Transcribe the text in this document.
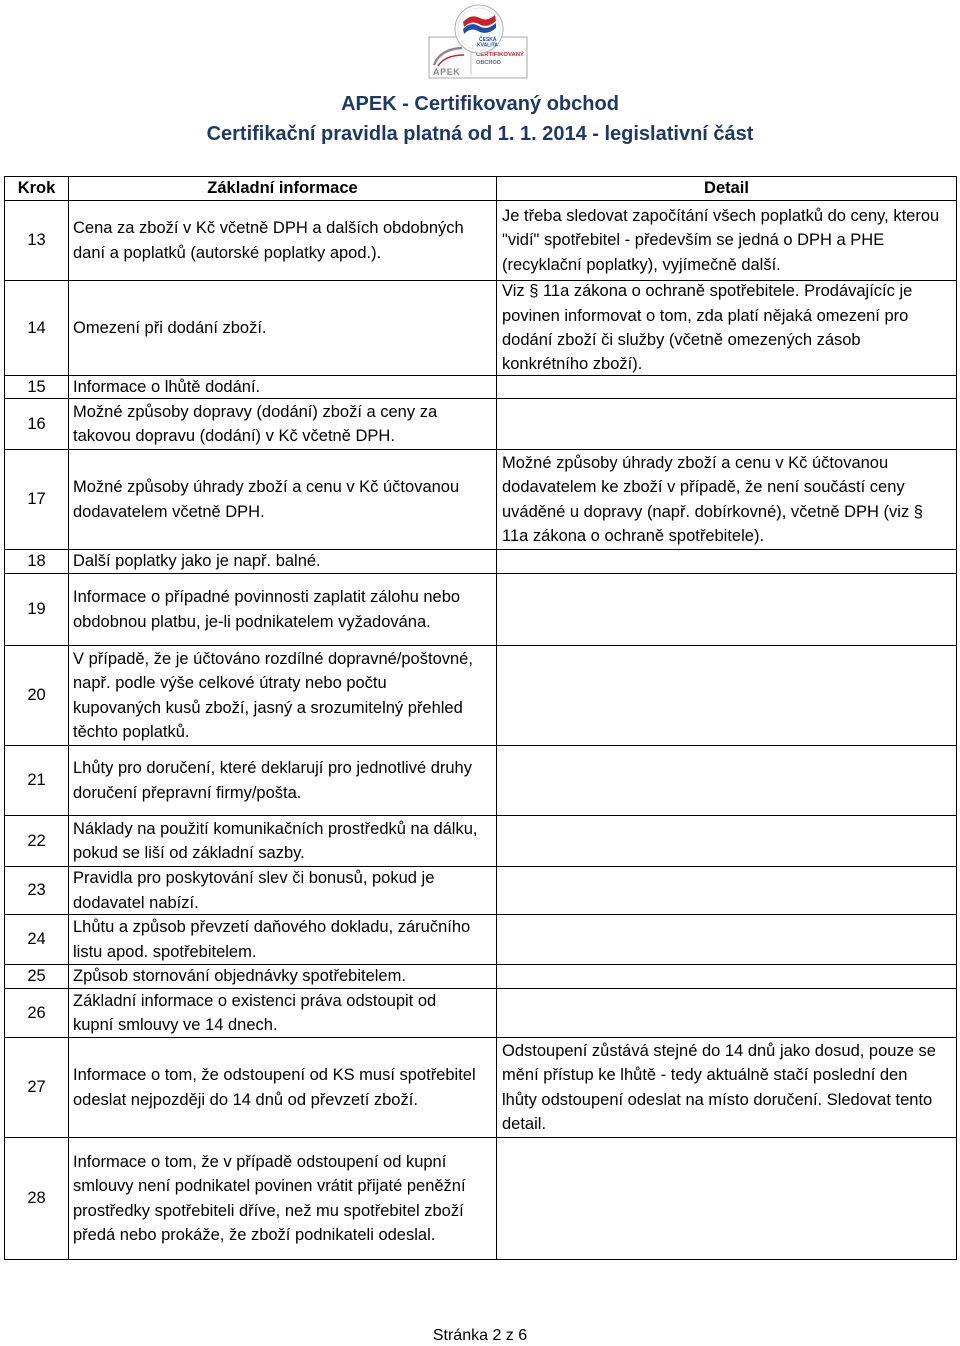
APEK
CERTIFIKOVANÝ
OBCHOD
ČESKÁ
KVALITA
APEK - Certifikovaný obchod
Certifikační pravidla platná od 1. 1. 2014 - legislativní část
Krok	Základní informace	Detail
13
Cena za zboží v Kč včetně DPH a dalších obdobných
daní a poplatků (autorské poplatky apod.).
Je třeba sledovat započítání všech poplatků do ceny, kterou
"vidí" spotřebitel - především se jedná o DPH a PHE
(recyklační poplatky), vyjímečně další.
14 Omezení při dodání zboží.
Viz § 11a zákona o ochraně spotřebitele. Prodávajícíc je
povinen informovat o tom, zda platí nějaká omezení pro
dodání zboží či služby (včetně omezených zásob
konkrétního zboží).
15 Informace o lhůtě dodání.
16
Možné způsoby dopravy (dodání) zboží a ceny za
takovou dopravu (dodání) v Kč včetně DPH.
17
Možné způsoby úhrady zboží a cenu v Kč účtovanou
dodavatelem včetně DPH.
Možné způsoby úhrady zboží a cenu v Kč účtovanou
dodavatelem ke zboží v případě, že není součástí ceny
uváděné u dopravy (např. dobírkovné), včetně DPH (viz §
11a zákona o ochraně spotřebitele).
18 Další poplatky jako je např. balné.
19
Informace o případné povinnosti zaplatit zálohu nebo
obdobnou platbu, je-li podnikatelem vyžadována.
20
V případě, že je účtováno rozdílné dopravné/poštovné,
např. podle výše celkové útraty nebo počtu
kupovaných kusů zboží, jasný a srozumitelný přehled
těchto poplatků.
21
Lhůty pro doručení, které deklarují pro jednotlivé druhy
doručení přepravní firmy/pošta.
22
Náklady na použití komunikačních prostředků na dálku,
pokud se liší od základní sazby.
23
Pravidla pro poskytování slev či bonusů, pokud je
dodavatel nabízí.
24
Lhůtu a způsob převzetí daňového dokladu, záručního
listu apod. spotřebitelem.
25 Způsob stornování objednávky spotřebitelem.
26
Základní informace o existenci práva odstoupit od
kupní smlouvy ve 14 dnech.
27
Informace o tom, že odstoupení od KS musí spotřebitel
odeslat nejpozději do 14 dnů od převzetí zboží.
Odstoupení zůstává stejné do 14 dnů jako dosud, pouze se
mění přístup ke lhůtě - tedy aktuálně stačí poslední den
lhůty odstoupení odeslat na místo doručení. Sledovat tento
detail.
28
Informace o tom, že v případě odstoupení od kupní
smlouvy není podnikatel povinen vrátit přijaté peněžní
prostředky spotřebiteli dříve, než mu spotřebitel zboží
předá nebo prokáže, že zboží podnikateli odeslal.
Stránka 2 z 6
